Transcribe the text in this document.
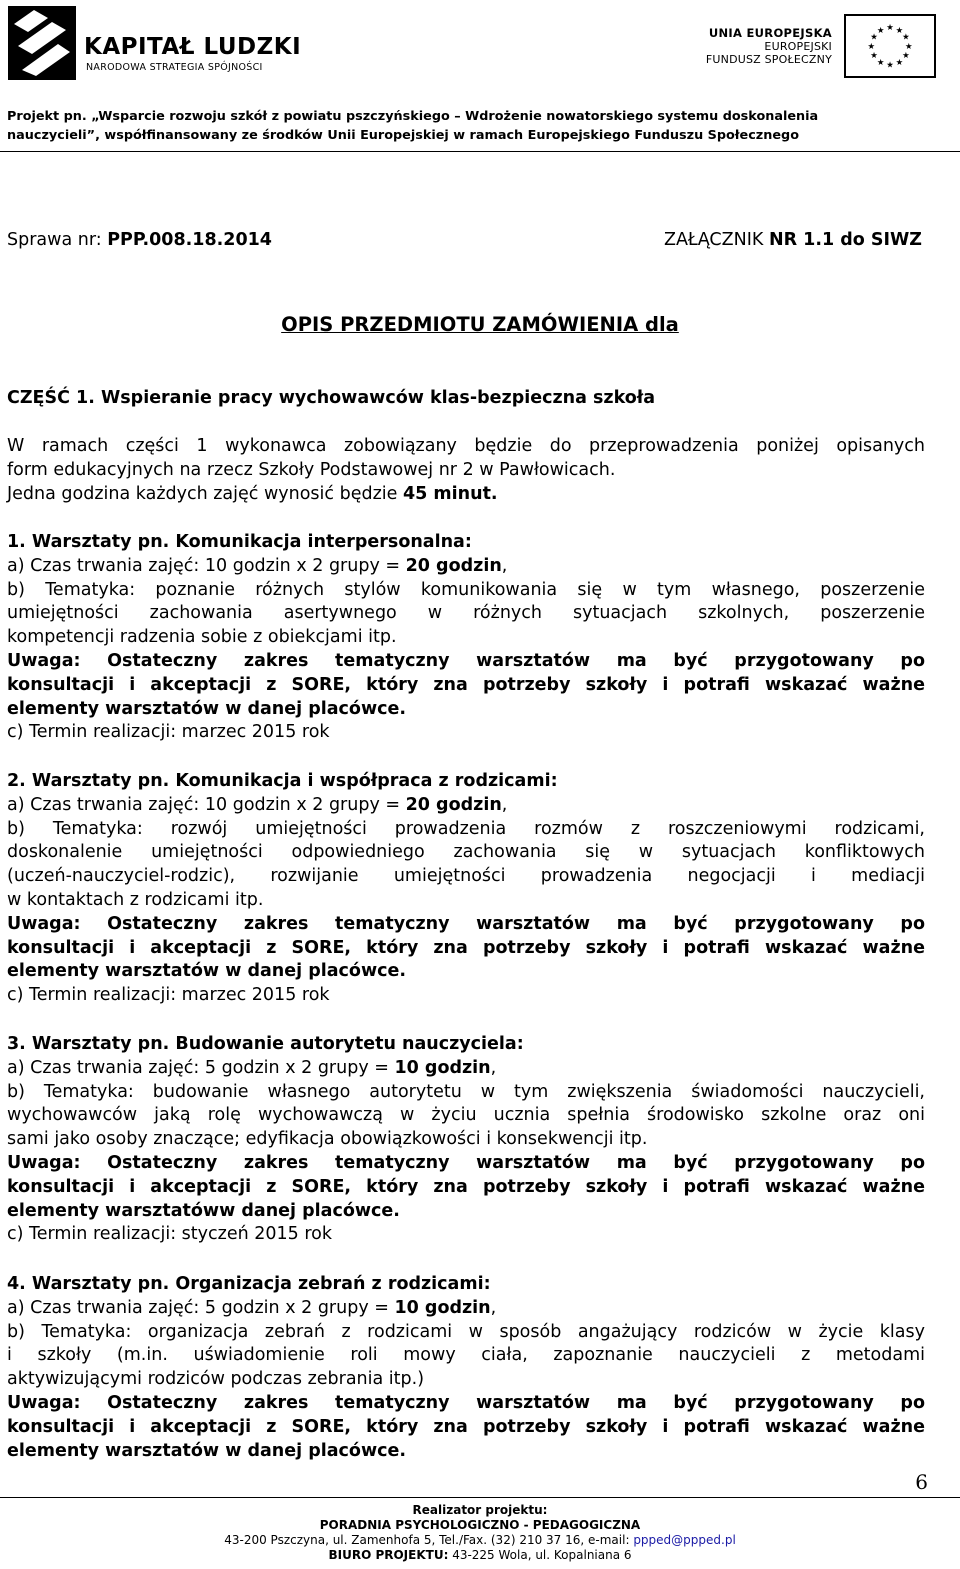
KAPITAŁ LUDZKI
NARODOWA STRATEGIA SPÓJNOŚCI
UNIA EUROPEJSKA
EUROPEJSKI
FUNDUSZ SPOŁECZNY
★ ★
★
★
★
★
★
★
★
★
★
★
Projekt pn. „Wsparcie rozwoju szkół z powiatu pszczyńskiego – Wdrożenie nowatorskiego systemu doskonalenia
nauczycieli”, współfinansowany ze środków Unii Europejskiej w ramach Europejskiego Funduszu Społecznego
Sprawa nr: PPP.008.18.2014	ZAŁĄCZNIK NR 1.1 do SIWZ
OPIS PRZEDMIOTU ZAMÓWIENIA dla
CZĘŚĆ 1. Wspieranie pracy wychowawców klas-bezpieczna szkoła
W ramach części 1 wykonawca zobowiązany będzie do przeprowadzenia poniżej opisanych
form edukacyjnych na rzecz Szkoły Podstawowej nr 2 w Pawłowicach.
Jedna godzina każdych zajęć wynosić będzie 45 minut.
1. Warsztaty pn. Komunikacja interpersonalna:
a) Czas trwania zajęć: 10 godzin x 2 grupy = 20 godzin,
b) Tematyka: poznanie różnych stylów komunikowania się w tym własnego, poszerzenie
umiejętności zachowania asertywnego w różnych sytuacjach szkolnych, poszerzenie
kompetencji radzenia sobie z obiekcjami itp.
Uwaga: Ostateczny zakres tematyczny warsztatów ma być przygotowany po
konsultacji i akceptacji z SORE, który zna potrzeby szkoły i potrafi wskazać ważne
elementy warsztatów w danej placówce.
c) Termin realizacji: marzec 2015 rok
2. Warsztaty pn. Komunikacja i współpraca z rodzicami:
a) Czas trwania zajęć: 10 godzin x 2 grupy = 20 godzin,
b) Tematyka: rozwój umiejętności prowadzenia rozmów z roszczeniowymi rodzicami,
doskonalenie umiejętności odpowiedniego zachowania się w sytuacjach konfliktowych
(uczeń-nauczyciel-rodzic), rozwijanie umiejętności prowadzenia negocjacji i mediacji
w kontaktach z rodzicami itp.
Uwaga: Ostateczny zakres tematyczny warsztatów ma być przygotowany po
konsultacji i akceptacji z SORE, który zna potrzeby szkoły i potrafi wskazać ważne
elementy warsztatów w danej placówce.
c) Termin realizacji: marzec 2015 rok
3. Warsztaty pn. Budowanie autorytetu nauczyciela:
a) Czas trwania zajęć: 5 godzin x 2 grupy = 10 godzin,
b) Tematyka: budowanie własnego autorytetu w tym zwiększenia świadomości nauczycieli,
wychowawców jaką rolę wychowawczą w życiu ucznia spełnia środowisko szkolne oraz oni
sami jako osoby znaczące; edyfikacja obowiązkowości i konsekwencji itp.
Uwaga: Ostateczny zakres tematyczny warsztatów ma być przygotowany po
konsultacji i akceptacji z SORE, który zna potrzeby szkoły i potrafi wskazać ważne
elementy warsztatóww danej placówce.
c) Termin realizacji: styczeń 2015 rok
4. Warsztaty pn. Organizacja zebrań z rodzicami:
a) Czas trwania zajęć: 5 godzin x 2 grupy = 10 godzin,
b) Tematyka: organizacja zebrań z rodzicami w sposób angażujący rodziców w życie klasy
i szkoły (m.in. uświadomienie roli mowy ciała, zapoznanie nauczycieli z metodami
aktywizującymi rodziców podczas zebrania itp.)
Uwaga: Ostateczny zakres tematyczny warsztatów ma być przygotowany po
konsultacji i akceptacji z SORE, który zna potrzeby szkoły i potrafi wskazać ważne
elementy warsztatów w danej placówce.
6
Realizator projektu:
PORADNIA PSYCHOLOGICZNO - PEDAGOGICZNA
43-200 Pszczyna, ul. Zamenhofa 5, Tel./Fax. (32) 210 37 16, e-mail: ppped@ppped.pl
BIURO PROJEKTU: 43-225 Wola, ul. Kopalniana 6
